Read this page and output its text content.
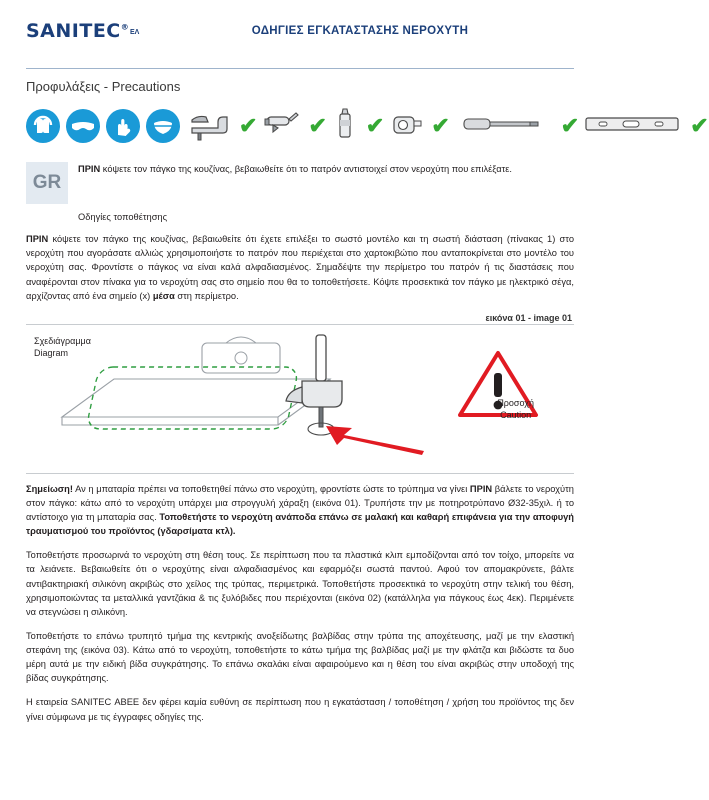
SANITEC®
ΕΛ	ΟΔΗΓΙΕΣ ΕΓΚΑΤΑΣΤΑΣΗΣ ΝΕΡΟΧΥΤΗ
Προφυλάξεις - Precautions
✔ ✔ ✔ ✔	✔	✔
GR
ΠΡΙΝ κόψετε τον πάγκο της κουζίνας, βεβαιωθείτε ότι το πατρόν αντιστοιχεί στον νεροχύτη που επιλέξατε.
Οδηγίες τοποθέτησης
ΠΡΙΝ κόψετε τον πάγκο της κουζίνας, βεβαιωθείτε ότι έχετε επιλέξει το σωστό μοντέλο και τη σωστή διάσταση (πίνακας 1) στο νεροχύτη που αγοράσατε αλλιώς χρησιμοποιήστε το πατρόν που περιέχεται στο χαρτοκιβώτιο που ανταποκρίνεται στο μοντέλο του νεροχύτη σας. Φροντίστε ο πάγκος να είναι καλά αλφαδιασμένος. Σημαδέψτε την περίμετρο του πατρόν ή τις διαστάσεις που αναφέρονται στον πίνακα για το νεροχύτη σας στο σημείο που θα το τοποθετήσετε. Κόψτε προσεκτικά τον πάγκο με ηλεκτρικό σέγα, αρχίζοντας από ένα σημείο (x) μέσα στη περίμετρο.
εικόνα 01 - image 01
Σχεδιάγραμμα
Diagram
Προσοχή
Caution
Σημείωση! Αν η μπαταρία πρέπει να τοποθετηθεί πάνω στο νεροχύτη, φροντίστε ώστε το τρύπημα να γίνει ΠΡΙΝ βάλετε το νεροχύτη στον πάγκο: κάτω από το νεροχύτη υπάρχει μια στρογγυλή χάραξη (εικόνα 01). Τρυπήστε την με ποτηροτρύπανο Ø32-35χιλ. ή το αντίστοιχο για τη μπαταρία σας. Τοποθετήστε το νεροχύτη ανάποδα επάνω σε μαλακή και καθαρή επιφάνεια για την αποφυγή τραυματισμού του προϊόντος (γδαρσίματα κτλ).
Τοποθετήστε προσωρινά το νεροχύτη στη θέση τους. Σε περίπτωση που τα πλαστικά κλιπ εμποδίζονται από τον τοίχο, μπορείτε να τα λειάνετε. Βεβαιωθείτε ότι ο νεροχύτης είναι αλφαδιασμένος και εφαρμόζει σωστά παντού. Αφού τον απομακρύνετε, βάλτε αντιβακτηριακή σιλικόνη ακριβώς στο χείλος της τρύπας, περιμετρικά. Τοποθετήστε προσεκτικά το νεροχύτη στην τελική του θέση, χρησιμοποιώντας τα μεταλλικά γαντζάκια & τις ξυλόβιδες που περιέχονται (εικόνα 02) (κατάλληλα για πάγκους έως 4εκ). Περιμένετε να στεγνώσει η σιλικόνη.
Τοποθετήστε το επάνω τρυπητό τμήμα της κεντρικής ανοξείδωτης βαλβίδας στην τρύπα της αποχέτευσης, μαζί με την ελαστική στεφάνη της (εικόνα 03). Κάτω από το νεροχύτη, τοποθετήστε το κάτω τμήμα της βαλβίδας μαζί με την φλάτζα και βιδώστε τα δυο μέρη αυτά με την ειδική βίδα συγκράτησης. Το επάνω σκαλάκι είναι αφαιρούμενο και η θέση του είναι ακριβώς στην υποδοχή της βίδας συγκράτησης.
Η εταιρεία SANITEC ΑΒΕΕ δεν φέρει καμία ευθύνη σε περίπτωση που η εγκατάσταση / τοποθέτηση / χρήση του προϊόντος της δεν γίνει σύμφωνα με τις έγγραφες οδηγίες της.
